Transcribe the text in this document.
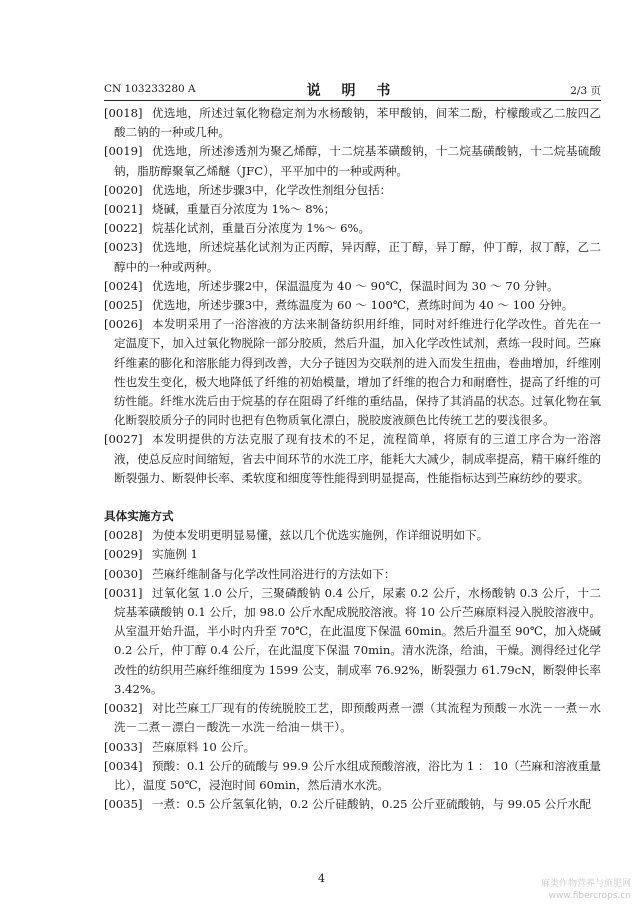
CN 103233280 A	说 明 书	2/3 页
[0018] 优选地，所述过氧化物稳定剂为水杨酸钠，苯甲酸钠，间苯二酚，柠檬酸或乙二胺四乙酸二钠的一种或几种。
[0019] 优选地，所述渗透剂为聚乙烯醇，十二烷基苯磺酸钠，十二烷基磺酸钠，十二烷基硫酸钠，脂肪醇聚氧乙烯醚（JFC），平平加中的一种或两种。
[0020] 优选地，所述步骤3中，化学改性剂组分包括：
[0021] 烧碱，重量百分浓度为 1%～ 8%；
[0022] 烷基化试剂，重量百分浓度为 1%～ 6%。
[0023] 优选地，所述烷基化试剂为正丙醇，异丙醇，正丁醇，异丁醇，仲丁醇，叔丁醇，乙二醇中的一种或两种。
[0024] 优选地，所述步骤2中，保温温度为 40 ～ 90℃，保温时间为 30 ～ 70 分钟。
[0025] 优选地，所述步骤3中，煮练温度为 60 ～ 100℃，煮练时间为 40 ～ 100 分钟。
[0026] 本发明采用了一浴溶液的方法来制备纺织用纤维，同时对纤维进行化学改性。首先在一定温度下，加入过氧化物脱除一部分胶质，然后升温，加入化学改性试剂，煮练一段时间。苎麻纤维素的膨化和溶胀能力得到改善，大分子链因为交联剂的进入而发生扭曲，卷曲增加，纤维刚性也发生变化，极大地降低了纤维的初始模量，增加了纤维的抱合力和耐磨性，提高了纤维的可纺性能。纤维水洗后由于烷基的存在阻碍了纤维的重结晶，保持了其消晶的状态。过氧化物在氧化断裂胶质分子的同时也把有色物质氧化漂白，脱胶废液颜色比传统工艺的要浅很多。
[0027] 本发明提供的方法克服了现有技术的不足，流程简单，将原有的三道工序合为一浴溶液，使总反应时间缩短，省去中间环节的水洗工序，能耗大大减少，制成率提高，精干麻纤维的断裂强力、断裂伸长率、柔软度和细度等性能得到明显提高，性能指标达到苎麻纺纱的要求。
具体实施方式
[0028] 为使本发明更明显易懂，兹以几个优选实施例，作详细说明如下。
[0029] 实施例 1
[0030] 苎麻纤维制备与化学改性同浴进行的方法如下：
[0031] 过氧化氢 1.0 公斤，三聚磷酸钠 0.4 公斤，尿素 0.2 公斤，水杨酸钠 0.3 公斤，十二烷基苯磺酸钠 0.1 公斤，加 98.0 公斤水配成脱胶溶液。将 10 公斤苎麻原料浸入脱胶溶液中。从室温开始升温，半小时内升至 70℃，在此温度下保温 60min。然后升温至 90℃，加入烧碱 0.2 公斤，仲丁醇 0.4 公斤，在此温度下保温 70min。清水洗涤，给油，干燥。测得经过化学改性的纺织用苎麻纤维细度为 1599 公支，制成率 76.92%，断裂强力 61.79cN，断裂伸长率 3.42%。
[0032] 对比苎麻工厂现有的传统脱胶工艺，即预酸两煮一漂（其流程为预酸－水洗－一煮－水洗－二煮－漂白－酸洗－水洗－给油－烘干）。
[0033] 苎麻原料 10 公斤。
[0034] 预酸：0.1 公斤的硫酸与 99.9 公斤水组成预酸溶液，浴比为 1 ： 10（苎麻和溶液重量比），温度 50℃，浸泡时间 60min，然后清水水洗。
[0035] 一煮：0.5 公斤氢氧化钠，0.2 公斤硅酸钠，0.25 公斤亚硫酸钠，与 99.05 公斤水配
4	麻类作物营养与施肥网
www.fibercrops.cn
